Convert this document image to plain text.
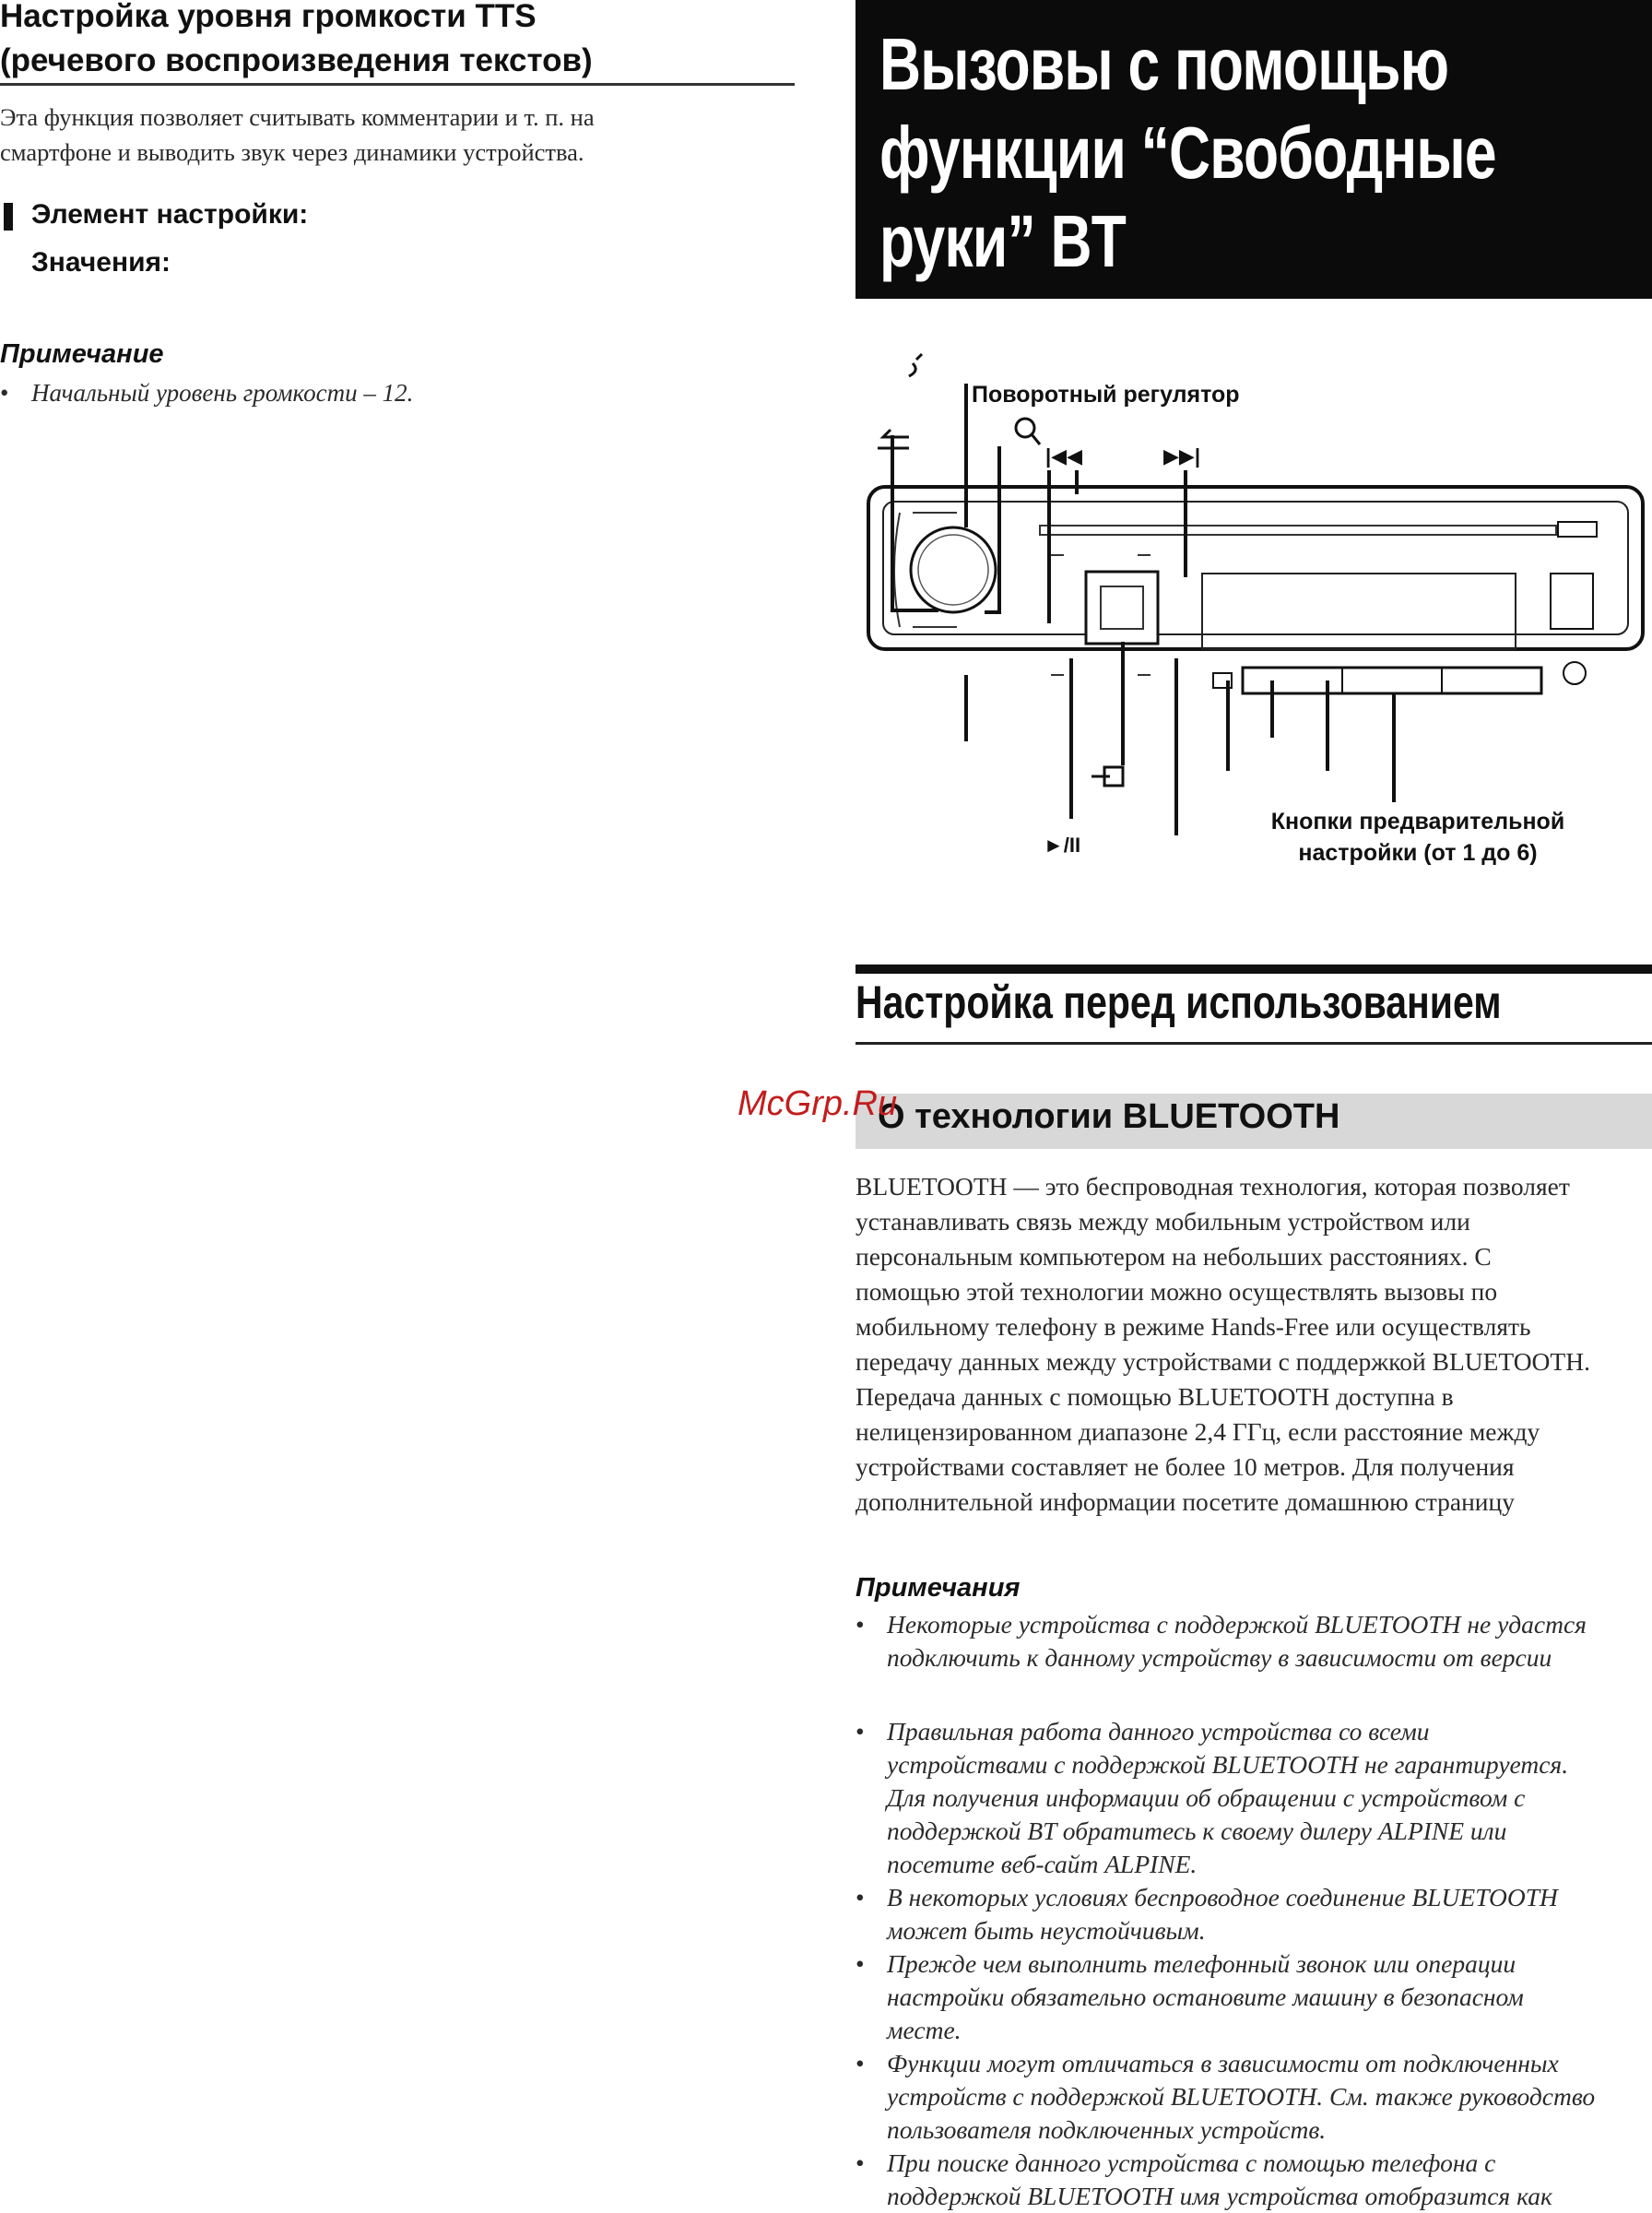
Настройка уровня громкости TTS
(речевого воспроизведения текстов)
Эта функция позволяет считывать комментарии и т. п. на
смартфоне и выводить звук через динамики устройства.
Элемент настройки:
Значения:
Примечание
• Начальный уровень громкости – 12.
Вызовы с помощью
функции “Свободные
руки” BT
Поворотный регулятор
|◀◀	▶▶|
►/II
Кнопки предварительной
настройки (от 1 до 6)
Настройка перед использованием
О технологии BLUETOOTH
McGrp.Ru
BLUETOOTH — это беспроводная технология, которая позволяет
устанавливать связь между мобильным устройством или
персональным компьютером на небольших расстояниях. С
помощью этой технологии можно осуществлять вызовы по
мобильному телефону в режиме Hands-Free или осуществлять
передачу данных между устройствами с поддержкой BLUETOOTH.
Передача данных с помощью BLUETOOTH доступна в
нелицензированном диапазоне 2,4 ГГц, если расстояние между
устройствами составляет не более 10 метров. Для получения
дополнительной информации посетите домашнюю страницу
Примечания
• Некоторые устройства с поддержкой BLUETOOTH не удастся
подключить к данному устройству в зависимости от версии
• Правильная работа данного устройства со всеми
устройствами с поддержкой BLUETOOTH не гарантируется.
Для получения информации об обращении с устройством с
поддержкой BT обратитесь к своему дилеру ALPINE или
посетите веб-сайт ALPINE.
• В некоторых условиях беспроводное соединение BLUETOOTH
может быть неустойчивым.
• Прежде чем выполнить телефонный звонок или операции
настройки обязательно остановите машину в безопасном
месте.
• Функции могут отличаться в зависимости от подключенных
устройств с поддержкой BLUETOOTH. См. также руководство
пользователя подключенных устройств.
• При поиске данного устройства с помощью телефона с
поддержкой BLUETOOTH имя устройства отобразится как
